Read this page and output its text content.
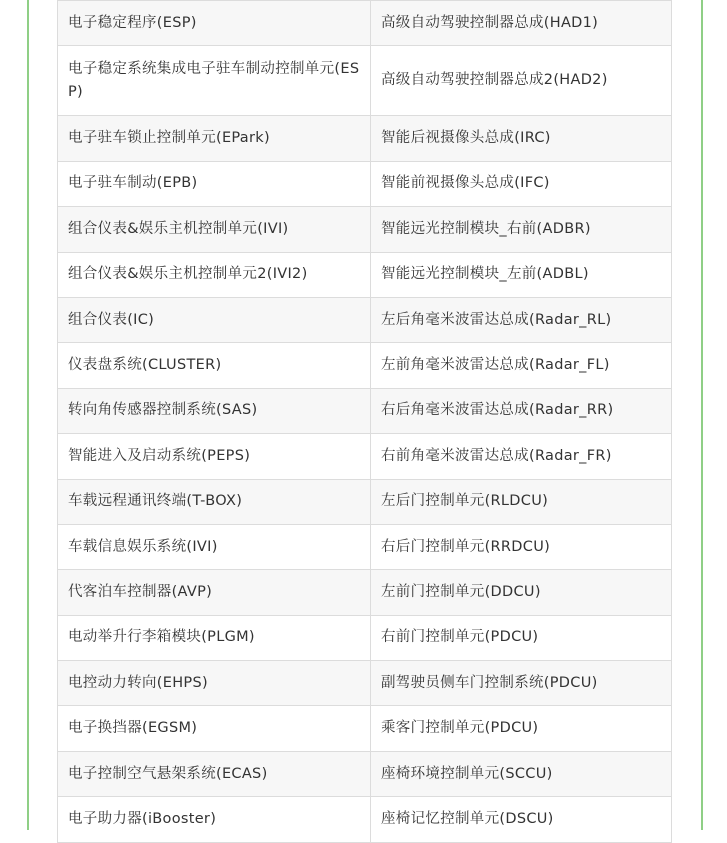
电子稳定程序(ESP)	高级自动驾驶控制器总成(HAD1)
电子稳定系统集成电子驻车制动控制单元(ESP)	高级自动驾驶控制器总成2(HAD2)
电子驻车锁止控制单元(EPark)	智能后视摄像头总成(IRC)
电子驻车制动(EPB)	智能前视摄像头总成(IFC)
组合仪表&娱乐主机控制单元(IVI)	智能远光控制模块_右前(ADBR)
组合仪表&娱乐主机控制单元2(IVI2)	智能远光控制模块_左前(ADBL)
组合仪表(IC)	左后角毫米波雷达总成(Radar_RL)
仪表盘系统(CLUSTER)	左前角毫米波雷达总成(Radar_FL)
转向角传感器控制系统(SAS)	右后角毫米波雷达总成(Radar_RR)
智能进入及启动系统(PEPS)	右前角毫米波雷达总成(Radar_FR)
车载远程通讯终端(T-BOX)	左后门控制单元(RLDCU)
车载信息娱乐系统(IVI)	右后门控制单元(RRDCU)
代客泊车控制器(AVP)	左前门控制单元(DDCU)
电动举升行李箱模块(PLGM)	右前门控制单元(PDCU)
电控动力转向(EHPS)	副驾驶员侧车门控制系统(PDCU)
电子换挡器(EGSM)	乘客门控制单元(PDCU)
电子控制空气悬架系统(ECAS)	座椅环境控制单元(SCCU)
电子助力器(iBooster)	座椅记忆控制单元(DSCU)
